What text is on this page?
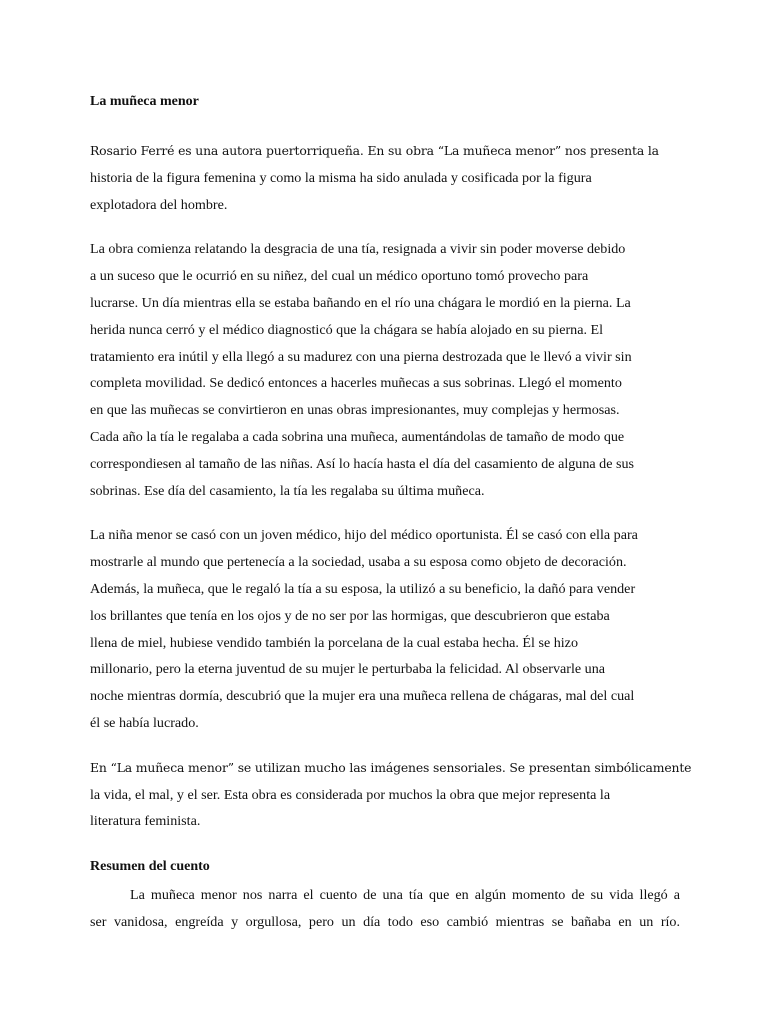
La muñeca menor

Rosario Ferré es una autora puertorriqueña. En su obra “La muñeca menor” nos presenta la
historia de la figura femenina y como la misma ha sido anulada y cosificada por la figura
explotadora del hombre.

La obra comienza relatando la desgracia de una tía, resignada a vivir sin poder moverse debido
a un suceso que le ocurrió en su niñez, del cual un médico oportuno tomó provecho para
lucrarse. Un día mientras ella se estaba bañando en el río una chágara le mordió en la pierna. La
herida nunca cerró y el médico diagnosticó que la chágara se había alojado en su pierna. El
tratamiento era inútil y ella llegó a su madurez con una pierna destrozada que le llevó a vivir sin
completa movilidad. Se dedicó entonces a hacerles muñecas a sus sobrinas. Llegó el momento
en que las muñecas se convirtieron en unas obras impresionantes, muy complejas y hermosas.
Cada año la tía le regalaba a cada sobrina una muñeca, aumentándolas de tamaño de modo que
correspondiesen al tamaño de las niñas. Así lo hacía hasta el día del casamiento de alguna de sus
sobrinas. Ese día del casamiento, la tía les regalaba su última muñeca.

La niña menor se casó con un joven médico, hijo del médico oportunista. Él se casó con ella para
mostrarle al mundo que pertenecía a la sociedad, usaba a su esposa como objeto de decoración.
Además, la muñeca, que le regaló la tía a su esposa, la utilizó a su beneficio, la dañó para vender
los brillantes que tenía en los ojos y de no ser por las hormigas, que descubrieron que estaba
llena de miel, hubiese vendido también la porcelana de la cual estaba hecha. Él se hizo
millonario, pero la eterna juventud de su mujer le perturbaba la felicidad. Al observarle una
noche mientras dormía, descubrió que la mujer era una muñeca rellena de chágaras, mal del cual
él se había lucrado.

En “La muñeca menor” se utilizan mucho las imágenes sensoriales. Se presentan simbólicamente
la vida, el mal, y el ser. Esta obra es considerada por muchos la obra que mejor representa la
literatura feminista.

Resumen del cuento

La muñeca menor nos narra el cuento de una tía que en algún momento de su vida llegó a
ser vanidosa, engreída y orgullosa, pero un día todo eso cambió mientras se bañaba en un río.
